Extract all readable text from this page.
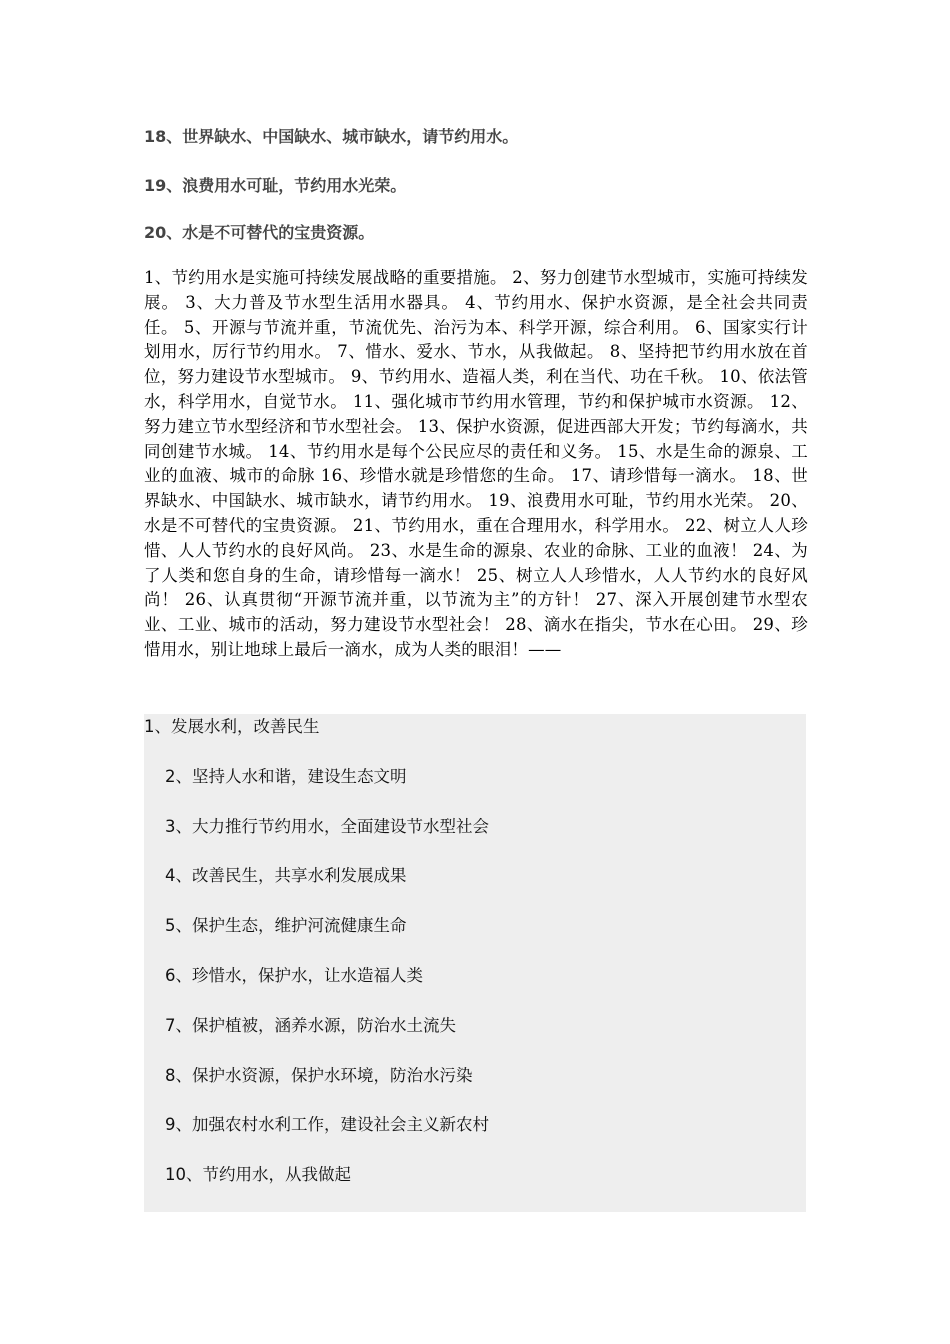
18、世界缺水、中国缺水、城市缺水，请节约用水。

19、浪费用水可耻，节约用水光荣。

20、水是不可替代的宝贵资源。

1、节约用水是实施可持续发展战略的重要措施。 2、努力创建节水型城市，实施可持续发展。 3、大力普及节水型生活用水器具。 4、节约用水、保护水资源，是全社会共同责任。 5、开源与节流并重，节流优先、治污为本、科学开源，综合利用。 6、国家实行计划用水，厉行节约用水。 7、惜水、爱水、节水，从我做起。 8、坚持把节约用水放在首位，努力建设节水型城市。 9、节约用水、造福人类，利在当代、功在千秋。 10、依法管水，科学用水，自觉节水。 11、强化城市节约用水管理，节约和保护城市水资源。 12、努力建立节水型经济和节水型社会。 13、保护水资源，促进西部大开发；节约每滴水，共同创建节水城。 14、节约用水是每个公民应尽的责任和义务。 15、水是生命的源泉、工业的血液、城市的命脉 16、珍惜水就是珍惜您的生命。 17、请珍惜每一滴水。 18、世界缺水、中国缺水、城市缺水，请节约用水。 19、浪费用水可耻，节约用水光荣。 20、水是不可替代的宝贵资源。 21、节约用水，重在合理用水，科学用水。 22、树立人人珍惜、人人节约水的良好风尚。 23、水是生命的源泉、农业的命脉、工业的血液！ 24、为了人类和您自身的生命，请珍惜每一滴水！ 25、树立人人珍惜水，人人节约水的良好风尚！ 26、认真贯彻“开源节流并重，以节流为主”的方针！ 27、深入开展创建节水型农业、工业、城市的活动，努力建设节水型社会！ 28、滴水在指尖，节水在心田。 29、珍惜用水，别让地球上最后一滴水，成为人类的眼泪！——

1、发展水利，改善民生

2、坚持人水和谐，建设生态文明

3、大力推行节约用水，全面建设节水型社会

4、改善民生，共享水利发展成果

5、保护生态，维护河流健康生命

6、珍惜水，保护水，让水造福人类

7、保护植被，涵养水源，防治水土流失

8、保护水资源，保护水环境，防治水污染

9、加强农村水利工作，建设社会主义新农村

10、节约用水，从我做起
